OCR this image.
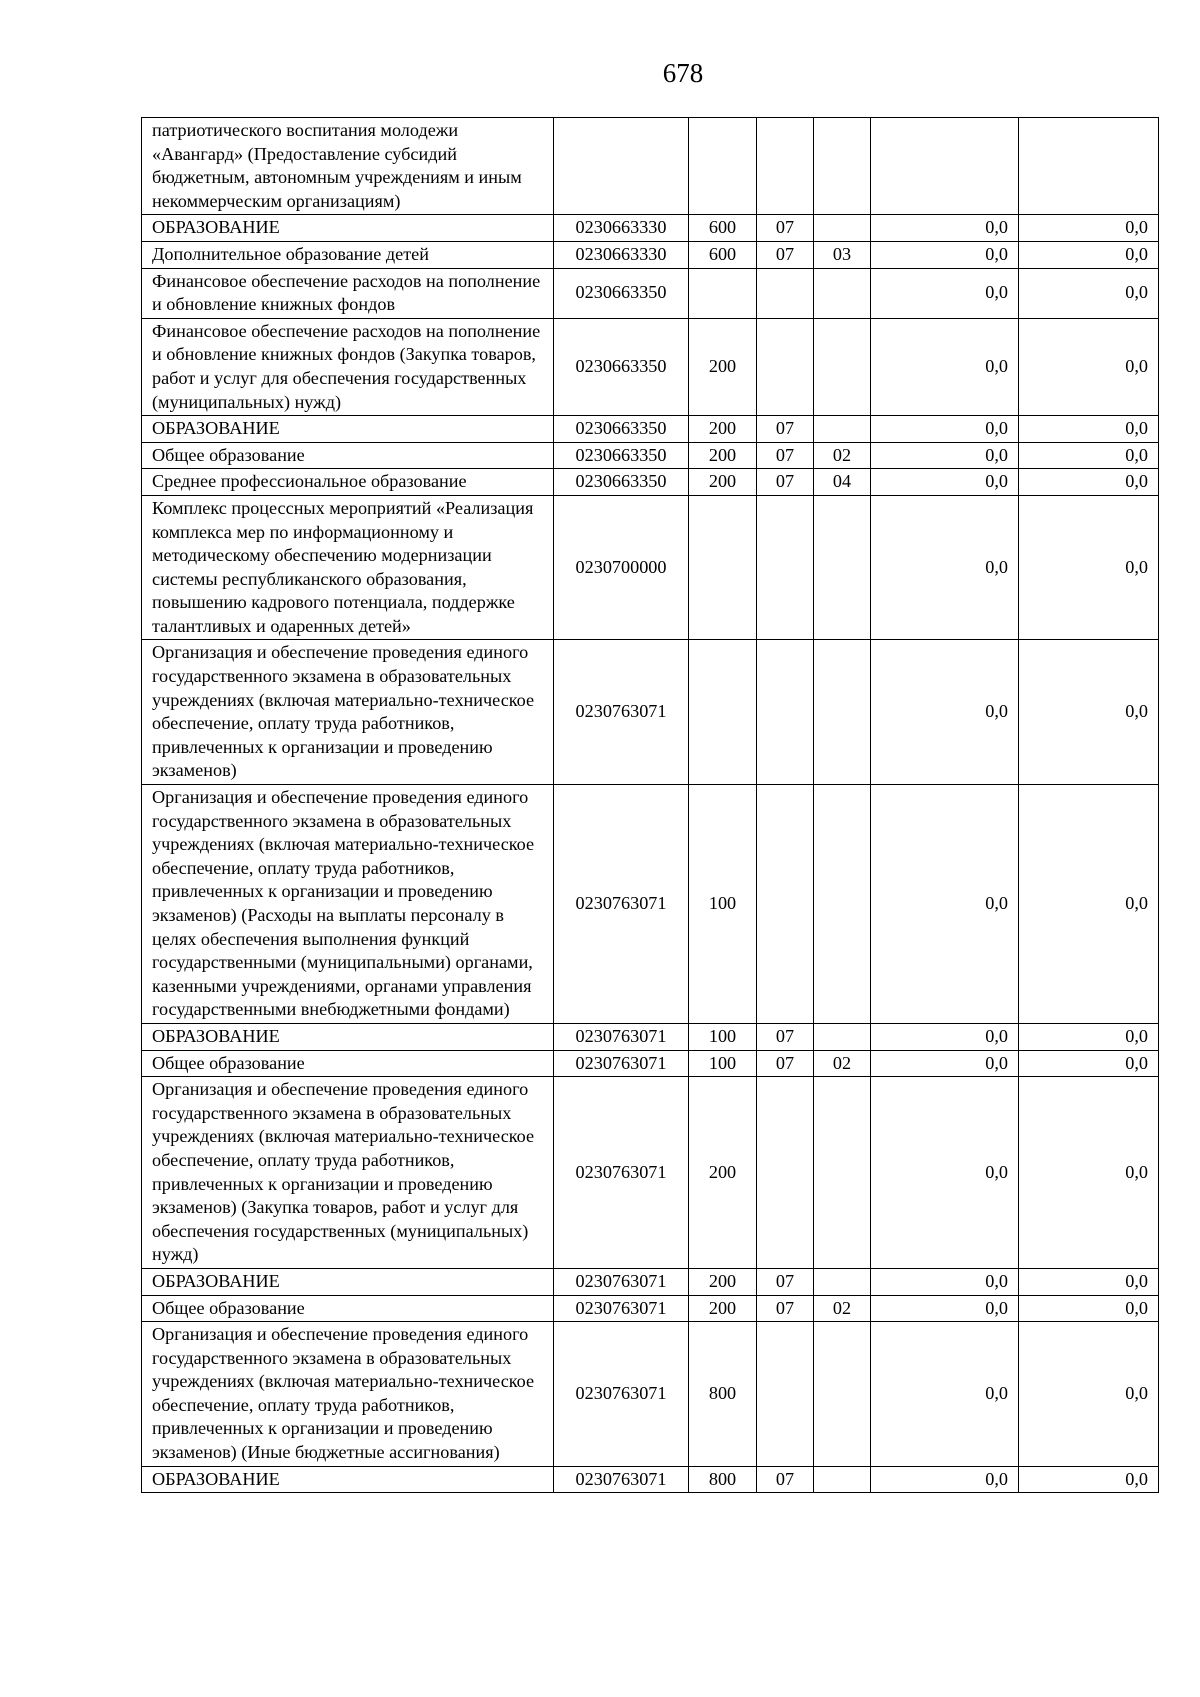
678
патриотического воспитания молодежи «Авангард» (Предоставление субсидий бюджетным, автономным учреждениям и иным некоммерческим организациям)						
ОБРАЗОВАНИЕ	0230663330	600	07		0,0	0,0
Дополнительное образование детей	0230663330	600	07	03	0,0	0,0
Финансовое обеспечение расходов на пополнение и обновление книжных фондов	0230663350				0,0	0,0
Финансовое обеспечение расходов на пополнение и обновление книжных фондов (Закупка товаров, работ и услуг для обеспечения государственных (муниципальных) нужд)	0230663350	200			0,0	0,0
ОБРАЗОВАНИЕ	0230663350	200	07		0,0	0,0
Общее образование	0230663350	200	07	02	0,0	0,0
Среднее профессиональное образование	0230663350	200	07	04	0,0	0,0
Комплекс процессных мероприятий «Реализация комплекса мер по информационному и методическому обеспечению модернизации системы республиканского образования, повышению кадрового потенциала, поддержке талантливых и одаренных детей»	0230700000				0,0	0,0
Организация и обеспечение проведения единого государственного экзамена в образовательных учреждениях (включая материально-техническое обеспечение, оплату труда работников, привлеченных к организации и проведению экзаменов)	0230763071				0,0	0,0
Организация и обеспечение проведения единого государственного экзамена в образовательных учреждениях (включая материально-техническое обеспечение, оплату труда работников, привлеченных к организации и проведению экзаменов) (Расходы на выплаты персоналу в целях обеспечения выполнения функций государственными (муниципальными) органами, казенными учреждениями, органами управления государственными внебюджетными фондами)	0230763071	100			0,0	0,0
ОБРАЗОВАНИЕ	0230763071	100	07		0,0	0,0
Общее образование	0230763071	100	07	02	0,0	0,0
Организация и обеспечение проведения единого государственного экзамена в образовательных учреждениях (включая материально-техническое обеспечение, оплату труда работников, привлеченных к организации и проведению экзаменов) (Закупка товаров, работ и услуг для обеспечения государственных (муниципальных) нужд)	0230763071	200			0,0	0,0
ОБРАЗОВАНИЕ	0230763071	200	07		0,0	0,0
Общее образование	0230763071	200	07	02	0,0	0,0
Организация и обеспечение проведения единого государственного экзамена в образовательных учреждениях (включая материально-техническое обеспечение, оплату труда работников, привлеченных к организации и проведению экзаменов) (Иные бюджетные ассигнования)	0230763071	800			0,0	0,0
ОБРАЗОВАНИЕ	0230763071	800	07		0,0	0,0
